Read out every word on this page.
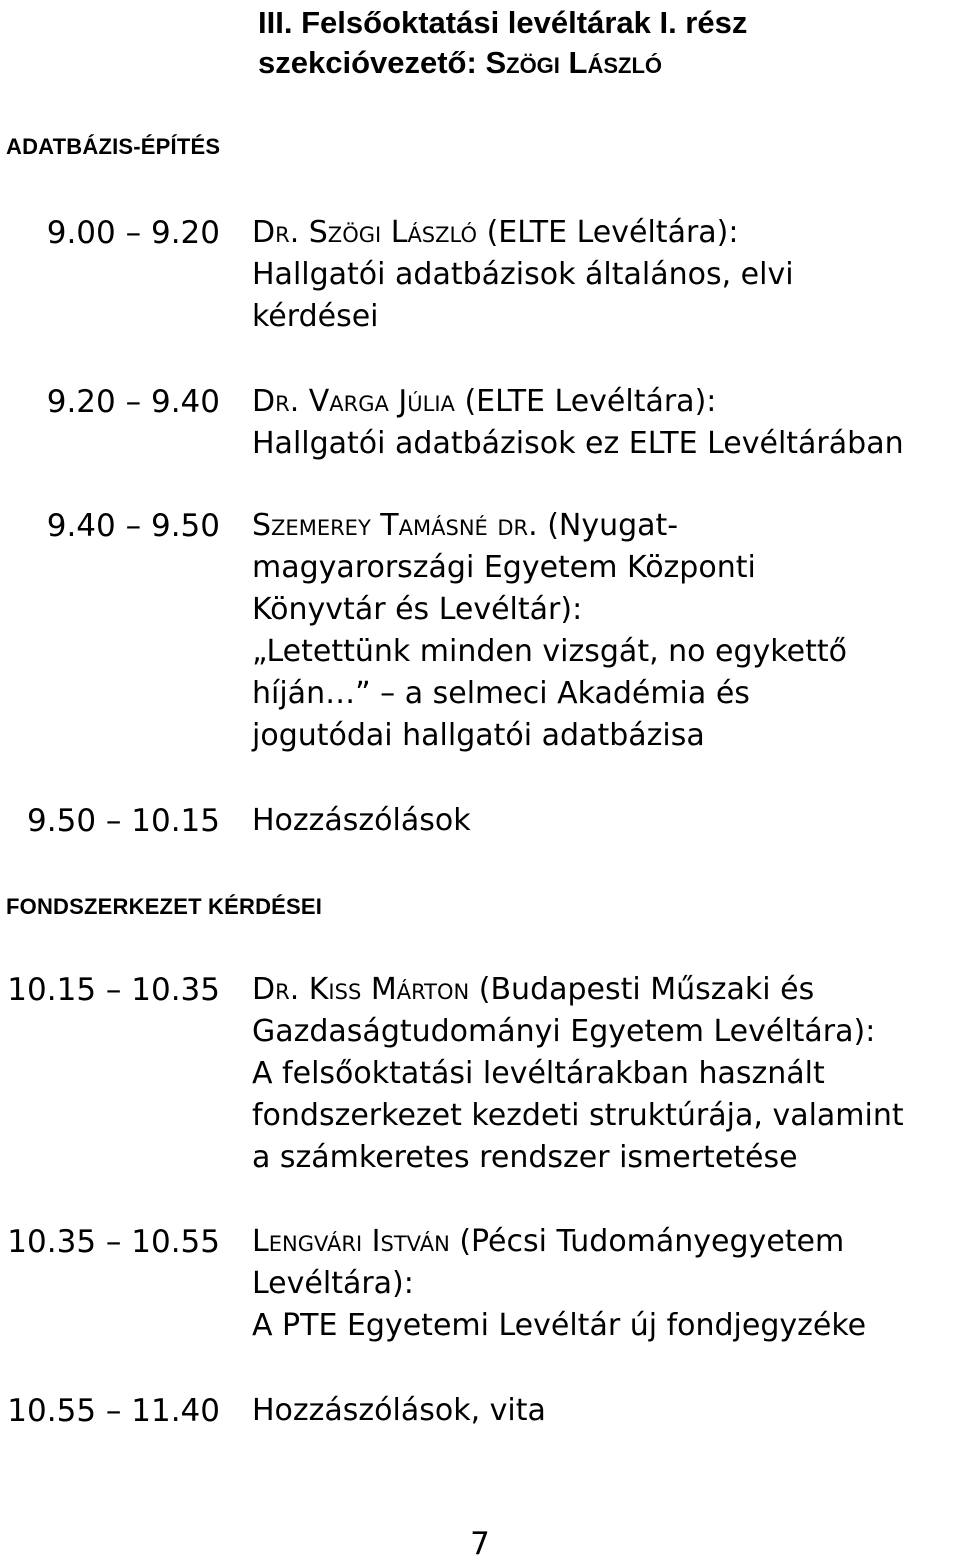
III. Felsőoktatási levéltárak I. rész
szekcióvezető: Szögi László
ADATBÁZIS-ÉPÍTÉS
9.00 – 9.20 Dr. Szögi László (ELTE Levéltára):
Hallgatói adatbázisok általános, elvi
kérdései
9.20 – 9.40 Dr. Varga Júlia (ELTE Levéltára):
Hallgatói adatbázisok ez ELTE Levéltárában
9.40 – 9.50 Szemerey Tamásné dr. (Nyugat-
magyarországi Egyetem Központi
Könyvtár és Levéltár):
„Letettünk minden vizsgát, no egykettő
híján…” – a selmeci Akadémia és
jogutódai hallgatói adatbázisa
9.50 – 10.15 Hozzászólások
FONDSZERKEZET KÉRDÉSEI
10.15 – 10.35 Dr. Kiss Márton (Budapesti Műszaki és
Gazdaságtudományi Egyetem Levéltára):
A felsőoktatási levéltárakban használt
fondszerkezet kezdeti struktúrája, valamint
a számkeretes rendszer ismertetése
10.35 – 10.55 Lengvári István (Pécsi Tudományegyetem
Levéltára):
A PTE Egyetemi Levéltár új fondjegyzéke
10.55 – 11.40 Hozzászólások, vita
7
